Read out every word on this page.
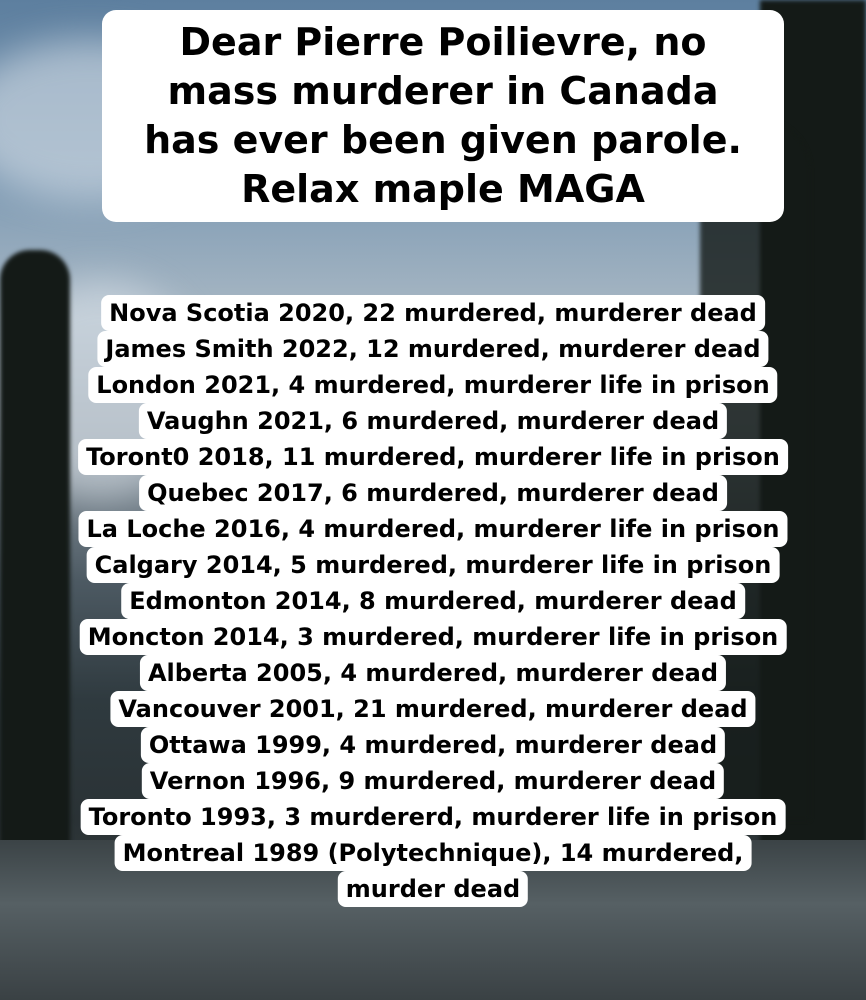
Dear Pierre Poilievre, no
mass murderer in Canada
has ever been given parole.
Relax maple MAGA
Nova Scotia 2020, 22 murdered, murderer dead
James Smith 2022, 12 murdered, murderer dead
London 2021, 4 murdered, murderer life in prison
Vaughn 2021, 6 murdered, murderer dead
Toront0 2018, 11 murdered, murderer life in prison
Quebec 2017, 6 murdered, murderer dead
La Loche 2016, 4 murdered, murderer life in prison
Calgary 2014, 5 murdered, murderer life in prison
Edmonton 2014, 8 murdered, murderer dead
Moncton 2014, 3 murdered, murderer life in prison
Alberta 2005, 4 murdered, murderer dead
Vancouver 2001, 21 murdered, murderer dead
Ottawa 1999, 4 murdered, murderer dead
Vernon 1996, 9 murdered, murderer dead
Toronto 1993, 3 murdererd, murderer life in prison
Montreal 1989 (Polytechnique), 14 murdered,
murder dead
